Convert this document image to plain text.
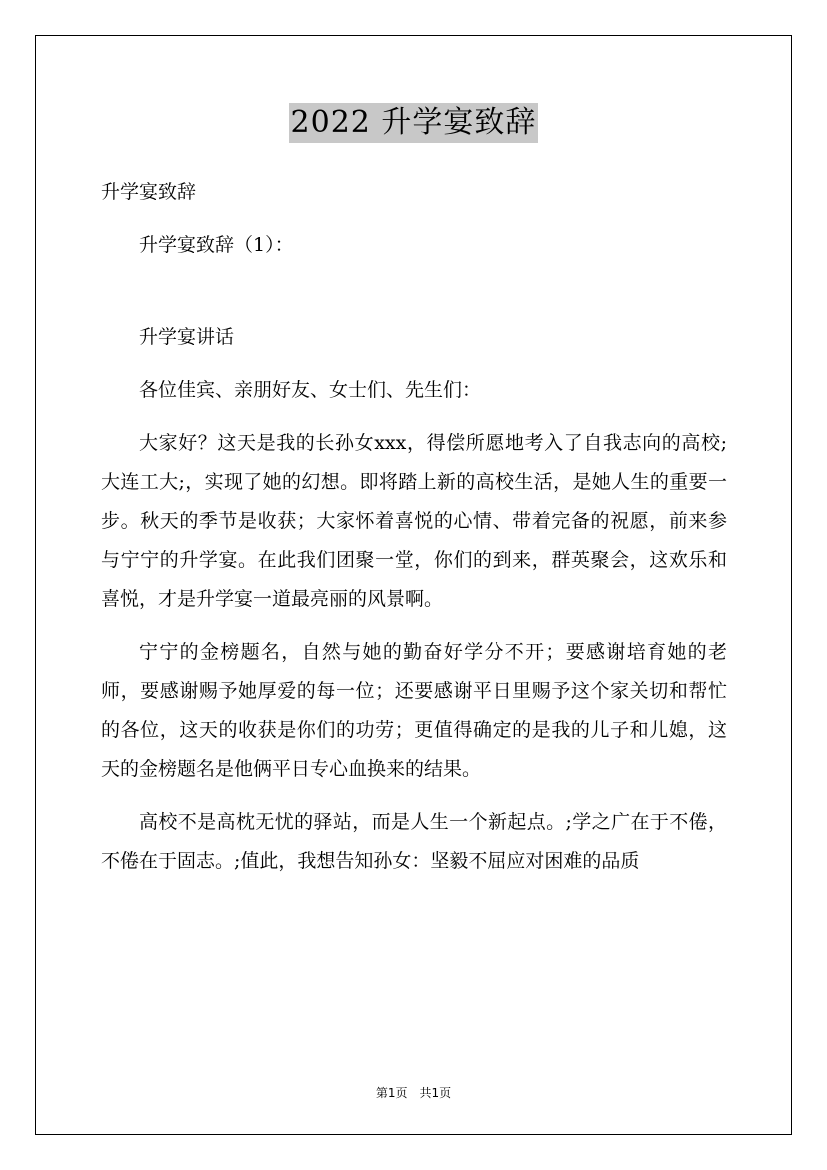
2022 升学宴致辞

升学宴致辞

升学宴致辞（1）：

升学宴讲话

各位佳宾、亲朋好友、女士们、先生们：

大家好？这天是我的长孙女xxx，得偿所愿地考入了自我志向的高校;大连工大;，实现了她的幻想。即将踏上新的高校生活，是她人生的重要一步。秋天的季节是收获；大家怀着喜悦的心情、带着完备的祝愿，前来参与宁宁的升学宴。在此我们团聚一堂，你们的到来，群英聚会，这欢乐和喜悦，才是升学宴一道最亮丽的风景啊。

宁宁的金榜题名，自然与她的勤奋好学分不开；要感谢培育她的老师，要感谢赐予她厚爱的每一位；还要感谢平日里赐予这个家关切和帮忙的各位，这天的收获是你们的功劳；更值得确定的是我的儿子和儿媳，这天的金榜题名是他俩平日专心血换来的结果。

高校不是高枕无忧的驿站，而是人生一个新起点。;学之广在于不倦，不倦在于固志。;值此，我想告知孙女：坚毅不屈应对困难的品质

第1页　共1页
